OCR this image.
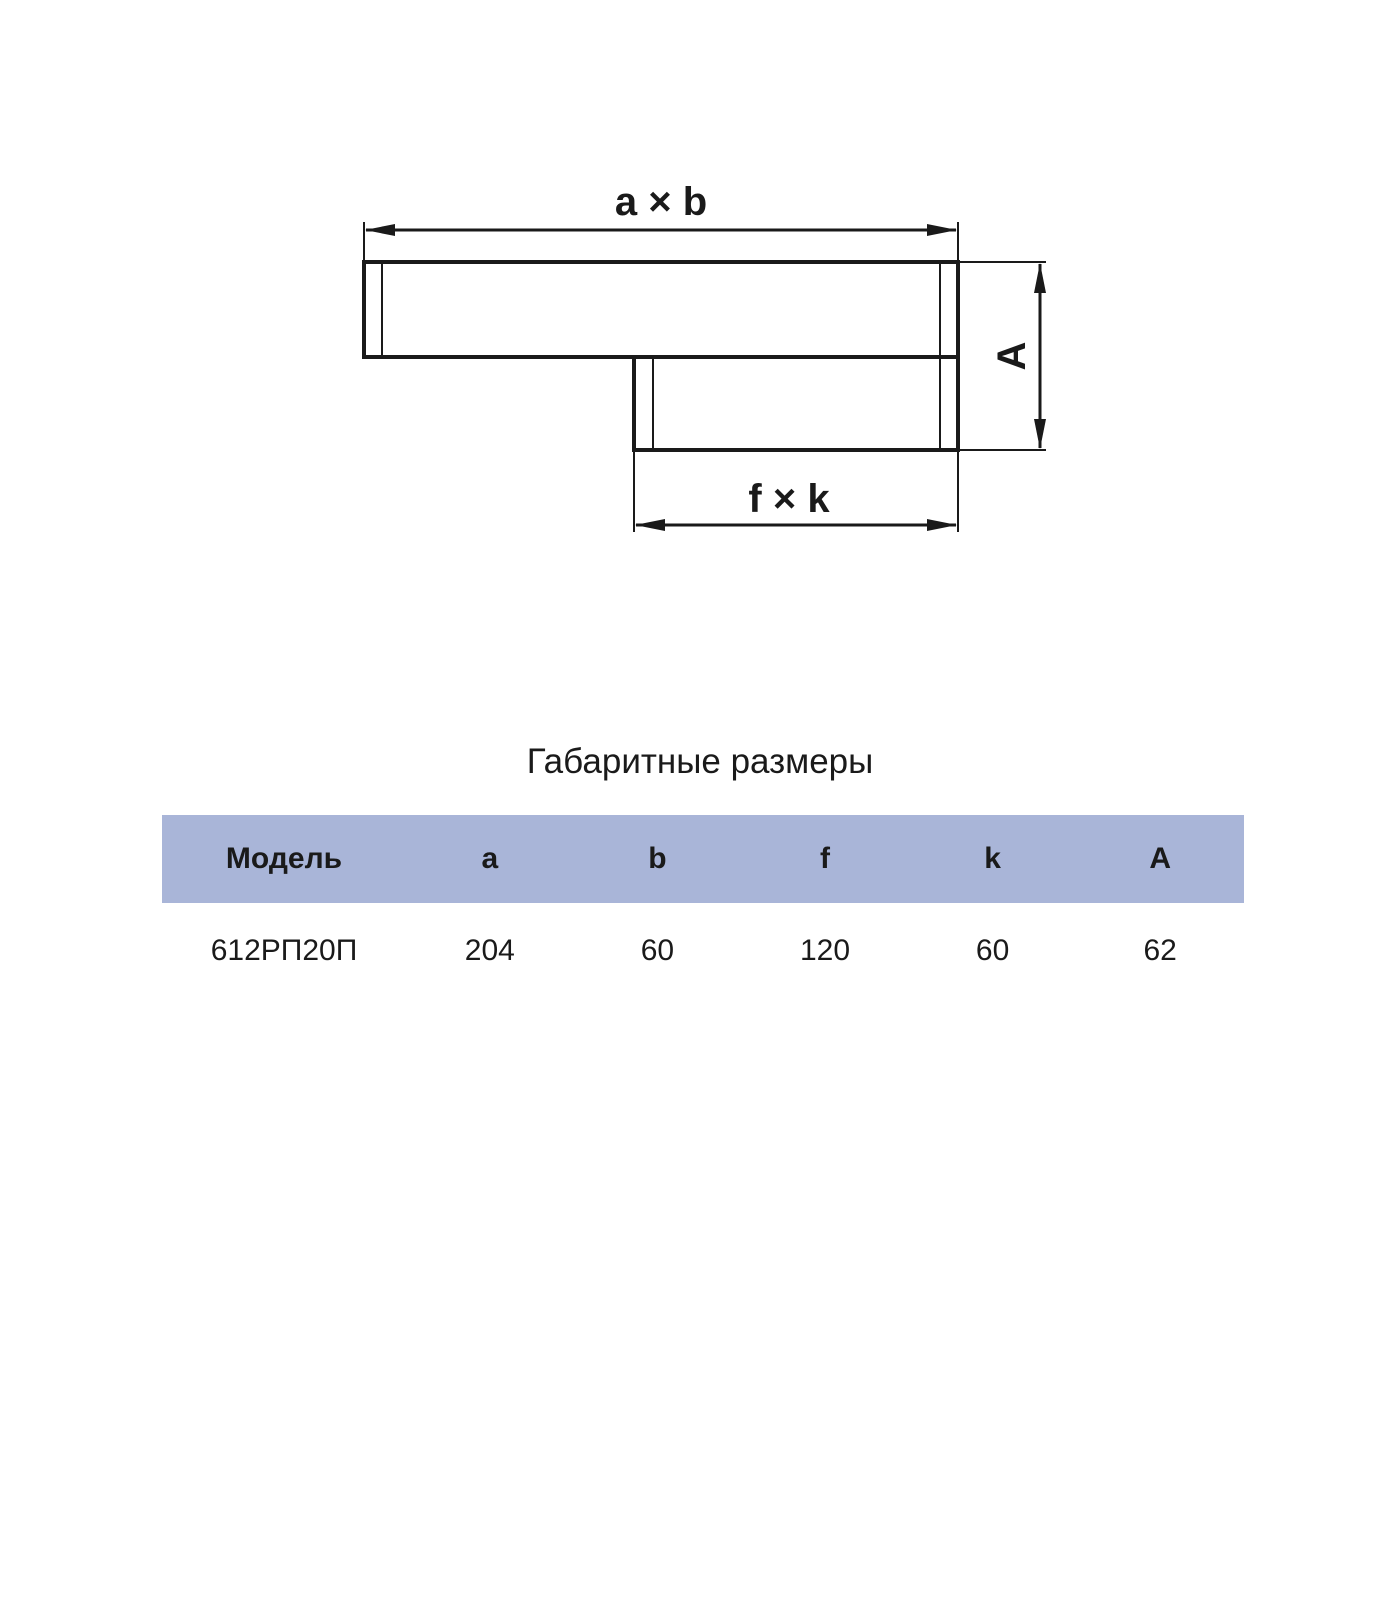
a × b
f × k
A
Габаритные размеры
Модель	a	b	f	k	A
612РП20П	204	60	120	60	62
